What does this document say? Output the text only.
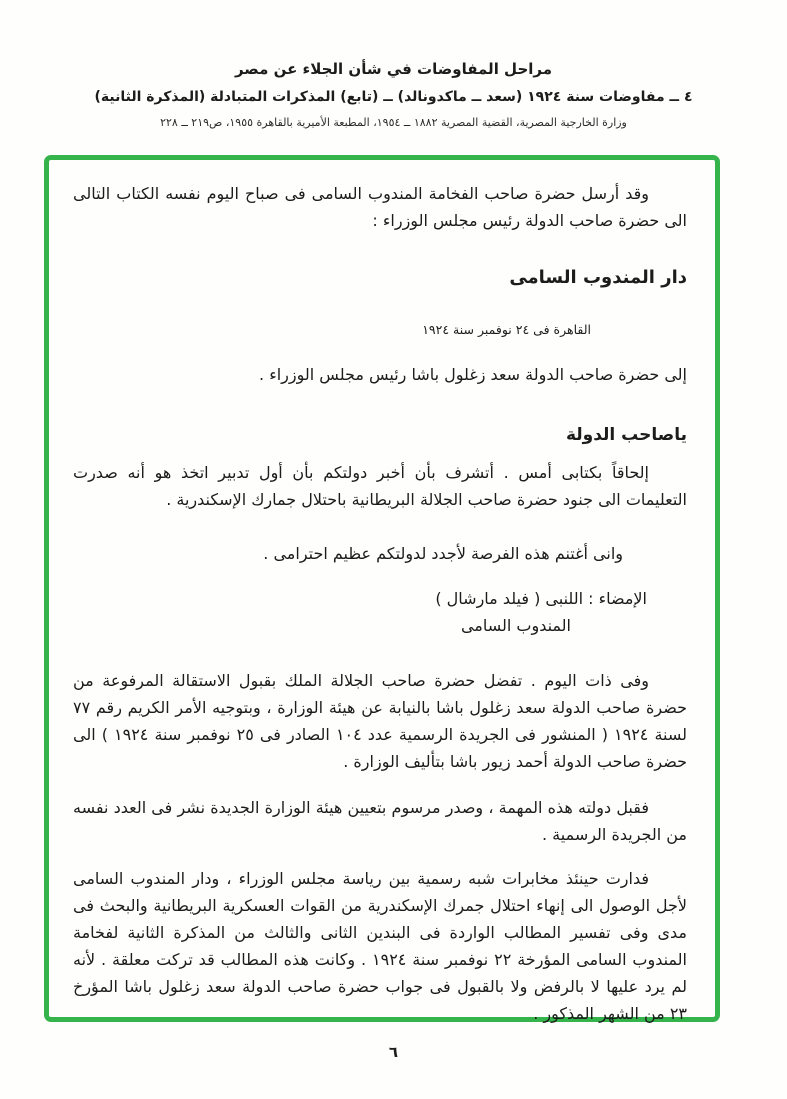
مراحل المفاوضات في شأن الجلاء عن مصر
٤ ــ مفاوضات سنة ١٩٢٤ (سعد ــ ماكدونالد) ــ (تابع) المذكرات المتبادلة (المذكرة الثانية)
وزارة الخارجية المصرية، القضية المصرية ١٨٨٢ ــ ١٩٥٤، المطبعة الأميرية بالقاهرة ١٩٥٥، ص٢١٩ ــ ٢٢٨

وقد أرسل حضرة صاحب الفخامة المندوب السامى فى صباح اليوم نفسه الكتاب التالى الى حضرة صاحب الدولة رئيس مجلس الوزراء :

دار المندوب السامى
القاهرة فى ٢٤ نوفمبر سنة ١٩٢٤

إلى حضرة صاحب الدولة سعد زغلول باشا رئيس مجلس الوزراء .

ياصاحب الدولة

إلحاقاً بكتابى أمس . أتشرف بأن أخبر دولتكم بأن أول تدبير اتخذ هو أنه صدرت التعليمات الى جنود حضرة صاحب الجلالة البريطانية باحتلال جمارك الإسكندرية .

وانى أغتنم هذه الفرصة لأجدد لدولتكم عظيم احترامى .

الإمضاء : اللنبى ( فيلد مارشال )
المندوب السامى

وفى ذات اليوم . تفضل حضرة صاحب الجلالة الملك بقبول الاستقالة المرفوعة من حضرة صاحب الدولة سعد زغلول باشا بالنيابة عن هيئة الوزارة ، وبتوجيه الأمر الكريم رقم ٧٧ لسنة ١٩٢٤ ( المنشور فى الجريدة الرسمية عدد ١٠٤ الصادر فى ٢٥ نوفمبر سنة ١٩٢٤ ) الى حضرة صاحب الدولة أحمد زيور باشا بتأليف الوزارة .

فقبل دولته هذه المهمة ، وصدر مرسوم بتعيين هيئة الوزارة الجديدة نشر فى العدد نفسه من الجريدة الرسمية .

فدارت حينئذ مخابرات شبه رسمية بين رياسة مجلس الوزراء ، ودار المندوب السامى لأجل الوصول الى إنهاء احتلال جمرك الإسكندرية من القوات العسكرية البريطانية والبحث فى مدى وفى تفسير المطالب الواردة فى البندين الثانى والثالث من المذكرة الثانية لفخامة المندوب السامى المؤرخة ٢٢ نوفمبر سنة ١٩٢٤ . وكانت هذه المطالب قد تركت معلقة . لأنه لم يرد عليها لا بالرفض ولا بالقبول فى جواب حضرة صاحب الدولة سعد زغلول باشا المؤرخ ٢٣ من الشهر المذكور .

٦
